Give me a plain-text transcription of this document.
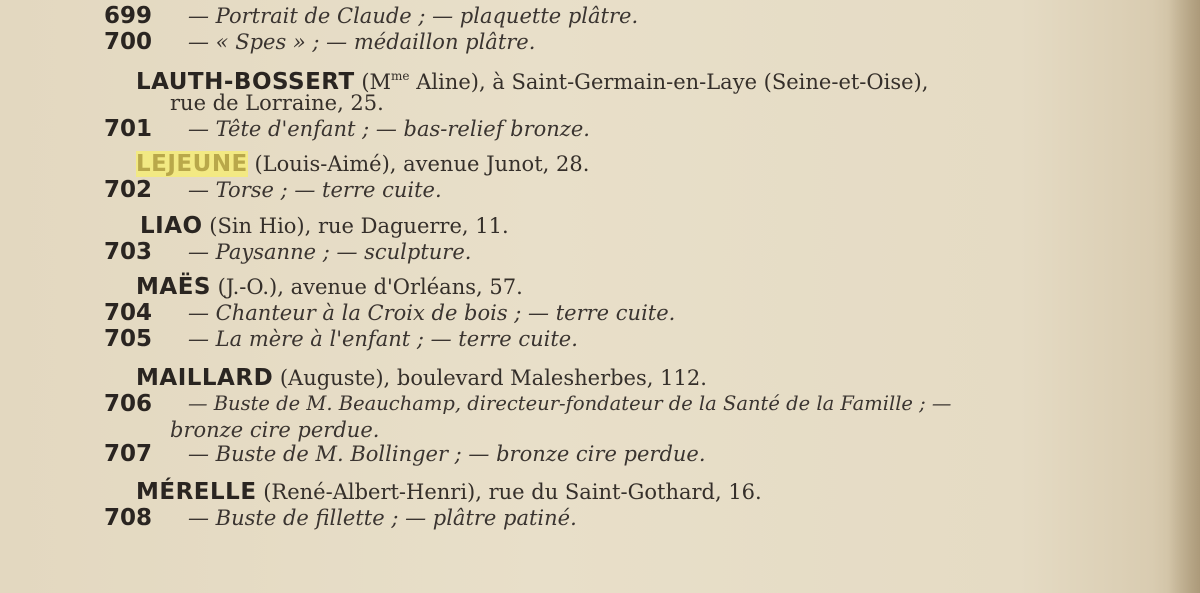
699 — Portrait de Claude ; — plaquette plâtre.
700 — « Spes » ; — médaillon plâtre.
LAUTH-BOSSERT ($M^{me}$ Aline), à Saint-Germain-en-Laye (Seine-et-Oise),
rue de Lorraine, 25.
701 — Tête d'enfant ; — bas-relief bronze.
LEJEUNE (Louis-Aimé), avenue Junot, 28.
702 — Torse ; — terre cuite.
LIAO (Sin Hio), rue Daguerre, 11.
703 — Paysanne ; — sculpture.
MAËS (J.-O.), avenue d'Orléans, 57.
704 — Chanteur à la Croix de bois ; — terre cuite.
705 — La mère à l'enfant ; — terre cuite.
MAILLARD (Auguste), boulevard Malesherbes, 112.
706 — Buste de M. Beauchamp, directeur-fondateur de la Santé de la Famille ; —
bronze cire perdue.
707 — Buste de M. Bollinger ; — bronze cire perdue.
MÉRELLE (René-Albert-Henri), rue du Saint-Gothard, 16.
708 — Buste de fillette ; — plâtre patiné.
